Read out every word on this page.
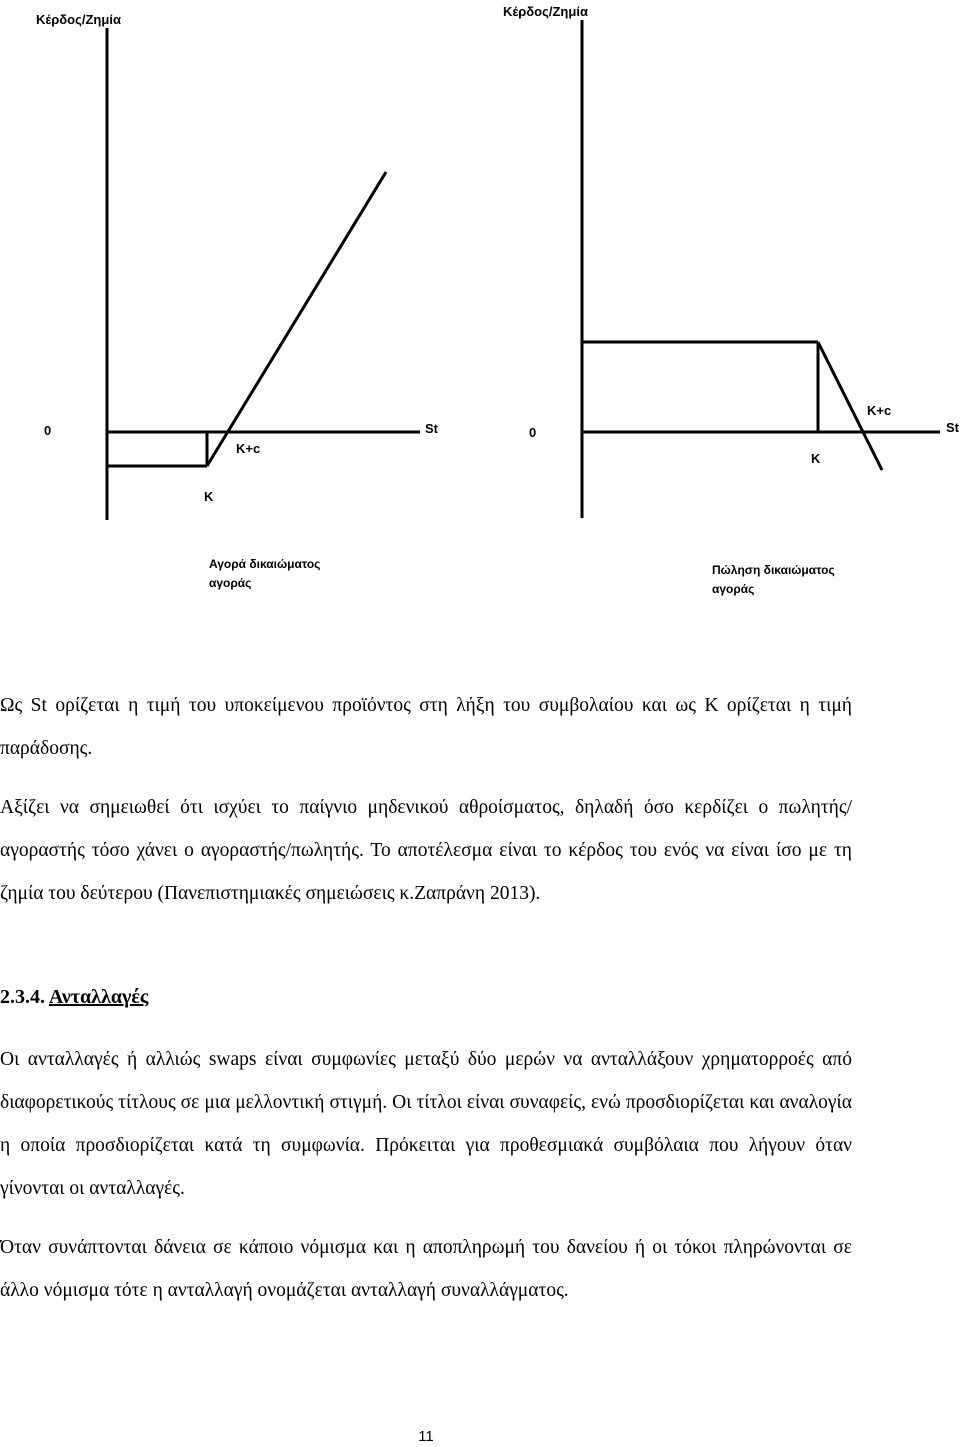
Κέρδος/Ζημία
0	St
K+c
K
Αγορά δικαιώματος
αγοράς
Κέρδος/Ζημία
0	St
K+c
K
Πώληση δικαιώματος
αγοράς

Ως St ορίζεται η τιμή του υποκείμενου προϊόντος στη λήξη του συμβολαίου και ως Κ ορίζεται η τιμή παράδοσης.

Αξίζει να σημειωθεί ότι ισχύει το παίγνιο μηδενικού αθροίσματος, δηλαδή όσο κερδίζει ο πωλητής/αγοραστής τόσο χάνει ο αγοραστής/πωλητής. Το αποτέλεσμα είναι το κέρδος του ενός να είναι ίσο με τη ζημία του δεύτερου (Πανεπιστημιακές σημειώσεις κ.Ζαπράνη 2013).

2.3.4. Ανταλλαγές

Οι ανταλλαγές ή αλλιώς swaps είναι συμφωνίες μεταξύ δύο μερών να ανταλλάξουν χρηματορροές από διαφορετικούς τίτλους σε μια μελλοντική στιγμή. Οι τίτλοι είναι συναφείς, ενώ προσδιορίζεται και αναλογία η οποία προσδιορίζεται κατά τη συμφωνία. Πρόκειται για προθεσμιακά συμβόλαια που λήγουν όταν γίνονται οι ανταλλαγές.

Όταν συνάπτονται δάνεια σε κάποιο νόμισμα και η αποπληρωμή του δανείου ή οι τόκοι πληρώνονται σε άλλο νόμισμα τότε η ανταλλαγή ονομάζεται ανταλλαγή συναλλάγματος.

11
